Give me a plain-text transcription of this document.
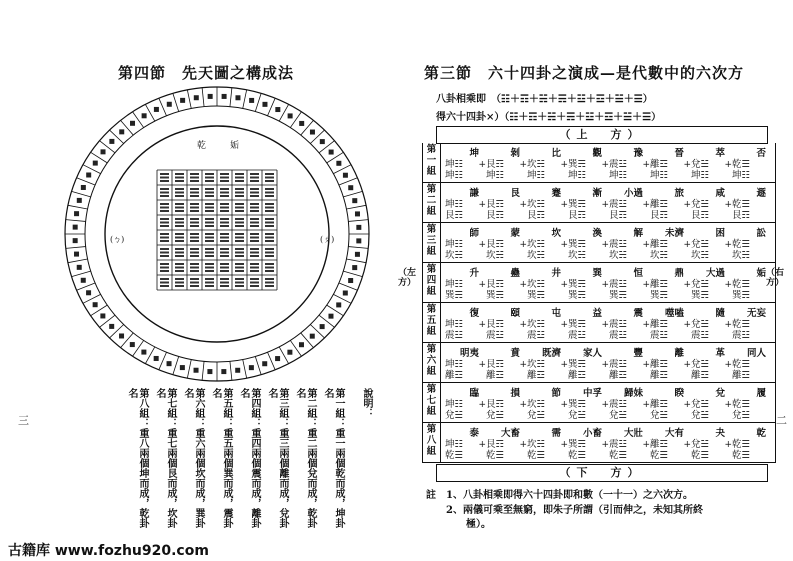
第四節　先天圖之構成法
乾	姤
(ㄅ)	(ㄆ)
說明：
第一組：重一兩個乾而成，坤卦名
第二組：重二兩個兌而成，乾卦名
第三組：重三兩個離而成，兌卦名
第四組：重四兩個震而成，離卦名
第五組：重五兩個巽而成，震卦名
第六組：重六兩個坎而成，巽卦名
第七組：重七兩個艮而成，坎卦名
第八組：重八兩個坤而成，乾卦名
三
第三節　六十四卦之演成—是代數中的六次方
八卦相乘即　（☷＋☶＋☵＋☴＋☳＋☲＋☱＋☰）
得六十四卦×）（☷＋☶＋☵＋☴＋☳＋☲＋☱＋☰）
（上　方）
第一組
坤
坤☷
坤☷
+
剝
艮☶
坤☷
+
比
坎☵
坤☷
+
觀
巽☴
坤☷
+
豫
震☳
坤☷
+
晉
離☲
坤☷
+
萃
兌☱
坤☷
+
否
乾☰
坤☷
第二組
謙
坤☷
艮☶
+
艮
艮☶
艮☶
+
蹇
坎☵
艮☶
+
漸
巽☴
艮☶
+
小過
震☳
艮☶
+
旅
離☲
艮☶
+
咸
兌☱
艮☶
+
遯
乾☰
艮☶
第三組
師
坤☷
坎☵
+
蒙
艮☶
坎☵
+
坎
坎☵
坎☵
+
渙
巽☴
坎☵
+
解
震☳
坎☵
+
未濟
離☲
坎☵
+
困
兌☱
坎☵
+
訟
乾☰
坎☵
第四組
升
坤☷
巽☴
+
蠱
艮☶
巽☴
+
井
坎☵
巽☴
+
巽
巽☴
巽☴
+
恒
震☳
巽☴
+
鼎
離☲
巽☴
+
大過
兌☱
巽☴
+
姤
乾☰
巽☴
第五組
復
坤☷
震☳
+
頤
艮☶
震☳
+
屯
坎☵
震☳
+
益
巽☴
震☳
+
震
震☳
震☳
+
噬嗑
離☲
震☳
+
隨
兌☱
震☳
+
无妄
乾☰
震☳
第六組
明夷
坤☷
離☲
+
賁
艮☶
離☲
+
既濟
坎☵
離☲
+
家人
巽☴
離☲
+
豐
震☳
離☲
+
離
離☲
離☲
+
革
兌☱
離☲
+
同人
乾☰
離☲
第七組
臨
坤☷
兌☱
+
損
艮☶
兌☱
+
節
坎☵
兌☱
+
中孚
巽☴
兌☱
+
歸妹
震☳
兌☱
+
睽
離☲
兌☱
+
兌
兌☱
兌☱
+
履
乾☰
兌☱
第八組
泰
坤☷
乾☰
+
大畜
艮☶
乾☰
+
需
坎☵
乾☰
+
小畜
巽☴
乾☰
+
大壯
震☳
乾☰
+
大有
離☲
乾☰
+
夬
兌☱
乾☰
+
乾
乾☰
乾☰
（下　方）
（左方）
（右方）
註　1、八卦相乘即得六十四卦即和數（一十一）之六次方。
　　2、兩儀可乘至無窮，即朱子所謂（引而伸之，未知其所終
　　　　極）。
二
古籍库 www.fozhu920.com
